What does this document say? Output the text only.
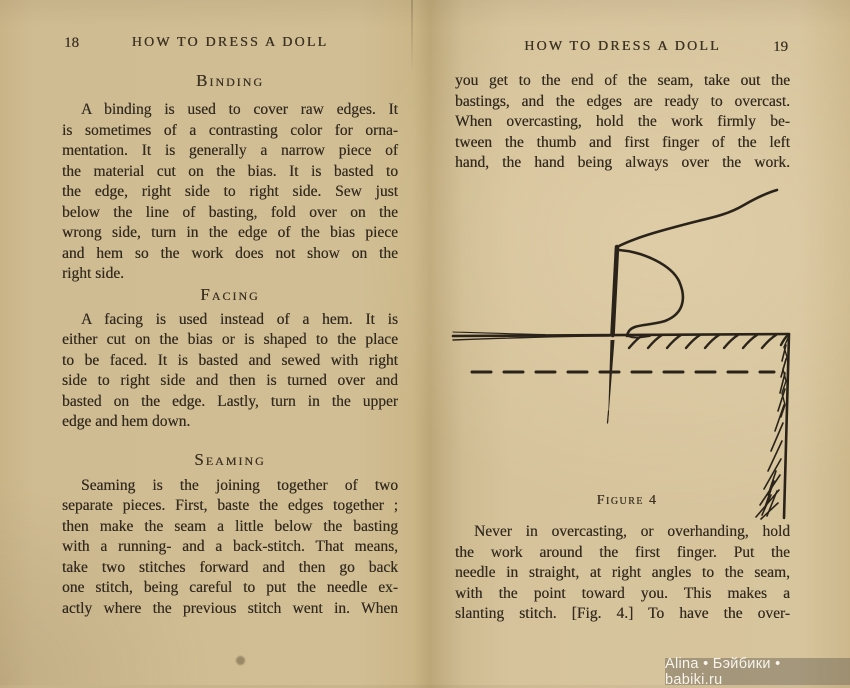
18	HOW TO DRESS A DOLL
Binding
A binding is used to cover raw edges. It
is sometimes of a contrasting color for orna-
mentation. It is generally a narrow piece of
the material cut on the bias. It is basted to
the edge, right side to right side. Sew just
below the line of basting, fold over on the
wrong side, turn in the edge of the bias piece
and hem so the work does not show on the
right side.
Facing
A facing is used instead of a hem. It is
either cut on the bias or is shaped to the place
to be faced. It is basted and sewed with right
side to right side and then is turned over and
basted on the edge. Lastly, turn in the upper
edge and hem down.
Seaming
Seaming is the joining together of two
separate pieces. First, baste the edges together ;
then make the seam a little below the basting
with a running- and a back-stitch. That means,
take two stitches forward and then go back
one stitch, being careful to put the needle ex-
actly where the previous stitch went in. When
HOW TO DRESS A DOLL	19
you get to the end of the seam, take out the
bastings, and the edges are ready to overcast.
When overcasting, hold the work firmly be-
tween the thumb and first finger of the left
hand, the hand being always over the work.
Figure 4
Never in overcasting, or overhanding, hold
the work around the first finger. Put the
needle in straight, at right angles to the seam,
with the point toward you. This makes a
slanting stitch. [Fig. 4.] To have the over-
Alina • Бэйбики • babiki.ru
